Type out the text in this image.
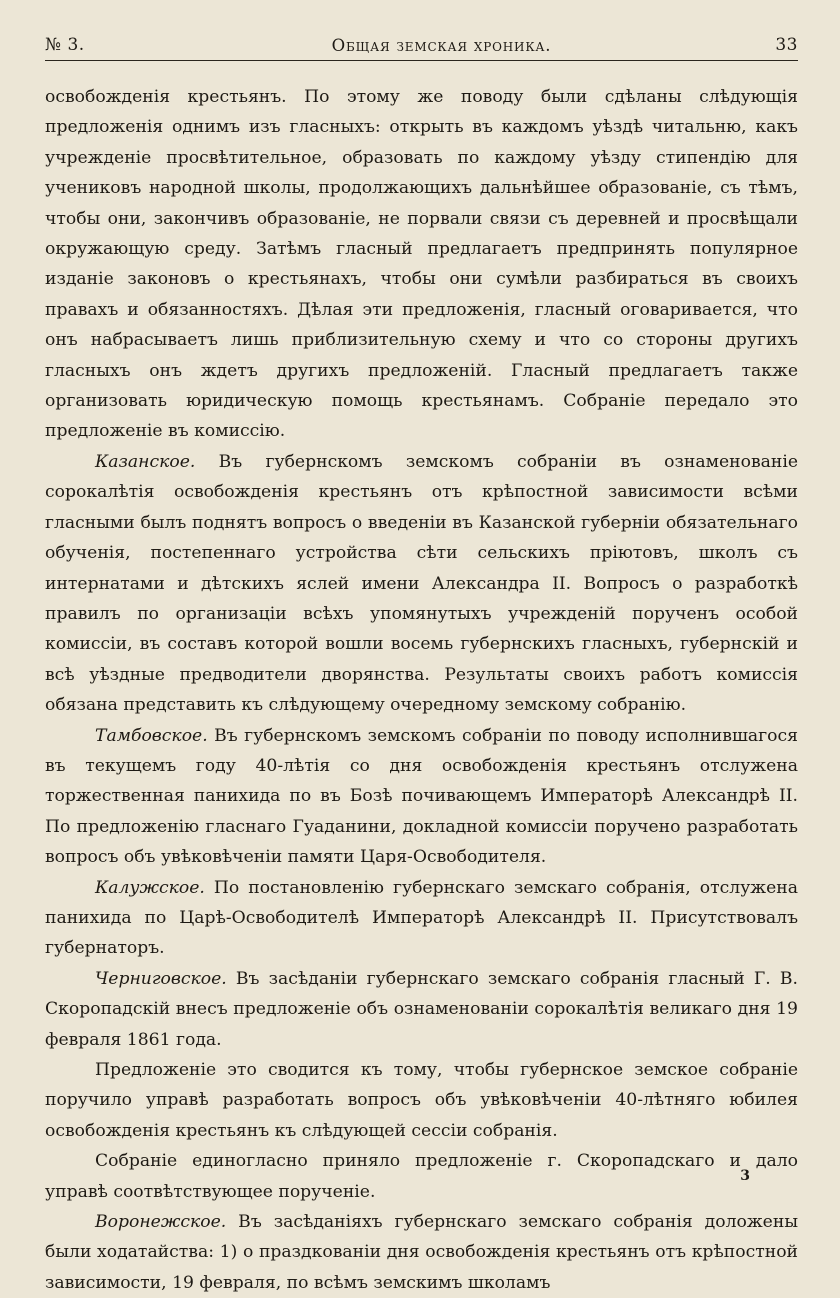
№ 3.	Общая земская хроника.	33

освобожденія крестьянъ. По этому же поводу были сдѣланы слѣдующія предложенія однимъ изъ гласныхъ: открыть въ каждомъ уѣздѣ читальню, какъ учрежденіе просвѣтительное, образовать по каждому уѣзду стипендію для учениковъ народной школы, продолжающихъ дальнѣйшее образованіе, съ тѣмъ, чтобы они, закончивъ образованіе, не порвали связи съ деревней и просвѣщали окружающую среду. Затѣмъ гласный предлагаетъ предпринять популярное изданіе законовъ о крестьянахъ, чтобы они сумѣли разбираться въ своихъ правахъ и обязанностяхъ. Дѣлая эти предложенія, гласный оговаривается, что онъ набрасываетъ лишь приблизительную схему и что со стороны другихъ гласныхъ онъ ждетъ другихъ предложеній. Гласный предлагаетъ также организовать юридическую помощь крестьянамъ. Собраніе передало это предложеніе въ комиссію.

Казанское. Въ губернскомъ земскомъ собраніи въ ознаменованіе сорокалѣтія освобожденія крестьянъ отъ крѣпостной зависимости всѣми гласными былъ поднятъ вопросъ о введеніи въ Казанской губерніи обязательнаго обученія, постепеннаго устройства сѣти сельскихъ пріютовъ, школъ съ интернатами и дѣтскихъ яслей имени Александра II. Вопросъ о разработкѣ правилъ по организаціи всѣхъ упомянутыхъ учрежденій порученъ особой комиссіи, въ составъ которой вошли восемь губернскихъ гласныхъ, губернскій и всѣ уѣздные предводители дворянства. Результаты своихъ работъ комиссія обязана представить къ слѣдующему очередному земскому собранію.

Тамбовское. Въ губернскомъ земскомъ собраніи по поводу исполнившагося въ текущемъ году 40-лѣтія со дня освобожденія крестьянъ отслужена торжественная панихида по въ Бозѣ почивающемъ Императорѣ Александрѣ II. По предложенію гласнаго Гуаданини, докладной комиссіи поручено разработать вопросъ объ увѣковѣченіи памяти Царя-Освободителя.

Калужское. По постановленію губернскаго земскаго собранія, отслужена панихида по Царѣ-Освободителѣ Императорѣ Александрѣ II. Присутствовалъ губернаторъ.

Черниговское. Въ засѣданіи губернскаго земскаго собранія гласный Г. В. Скоропадскій внесъ предложеніе объ ознаменованіи сорокалѣтія великаго дня 19 февраля 1861 года.

Предложеніе это сводится къ тому, чтобы губернское земское собраніе поручило управѣ разработать вопросъ объ увѣковѣченіи 40-лѣтняго юбилея освобожденія крестьянъ къ слѣдующей сессіи собранія.

Собраніе единогласно приняло предложеніе г. Скоропадскаго и дало управѣ соотвѣтствующее порученіе.

Воронежское. Въ засѣданіяхъ губернскаго земскаго собранія доложены были ходатайства: 1) о праздкованіи дня освобожденія крестьянъ отъ крѣпостной зависимости, 19 февраля, по всѣмъ земскимъ школамъ

3
